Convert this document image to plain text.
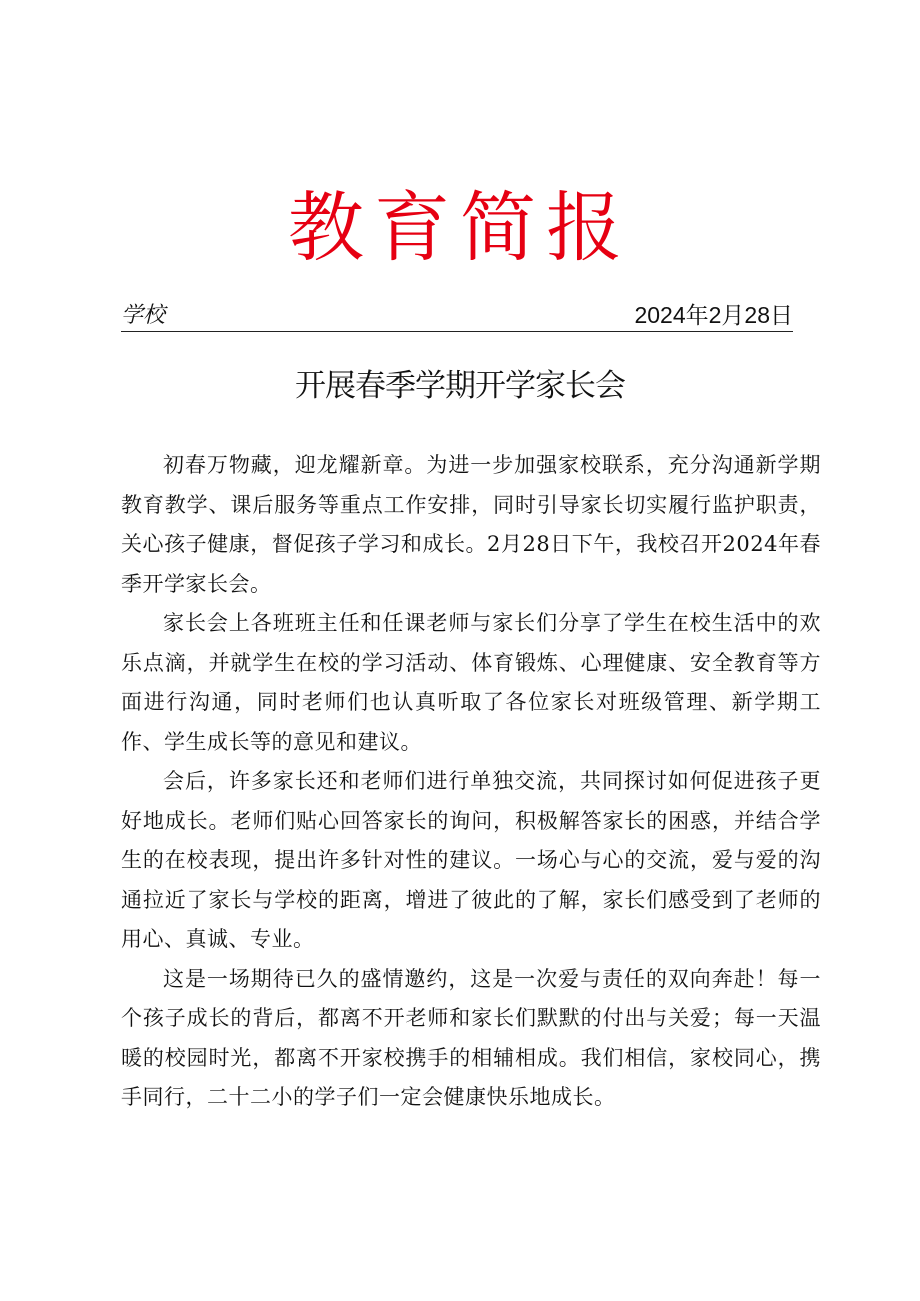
教育简报
学校	2024年2月28日
开展春季学期开学家长会

初春万物藏，迎龙耀新章。为进一步加强家校联系，充分沟通新学期教育教学、课后服务等重点工作安排，同时引导家长切实履行监护职责，关心孩子健康，督促孩子学习和成长。2月28日下午，我校召开2024年春季开学家长会。

家长会上各班班主任和任课老师与家长们分享了学生在校生活中的欢乐点滴，并就学生在校的学习活动、体育锻炼、心理健康、安全教育等方面进行沟通，同时老师们也认真听取了各位家长对班级管理、新学期工作、学生成长等的意见和建议。

会后，许多家长还和老师们进行单独交流，共同探讨如何促进孩子更好地成长。老师们贴心回答家长的询问，积极解答家长的困惑，并结合学生的在校表现，提出许多针对性的建议。一场心与心的交流，爱与爱的沟通拉近了家长与学校的距离，增进了彼此的了解，家长们感受到了老师的用心、真诚、专业。

这是一场期待已久的盛情邀约，这是一次爱与责任的双向奔赴！每一个孩子成长的背后，都离不开老师和家长们默默的付出与关爱；每一天温暖的校园时光，都离不开家校携手的相辅相成。我们相信，家校同心，携手同行，二十二小的学子们一定会健康快乐地成长。
